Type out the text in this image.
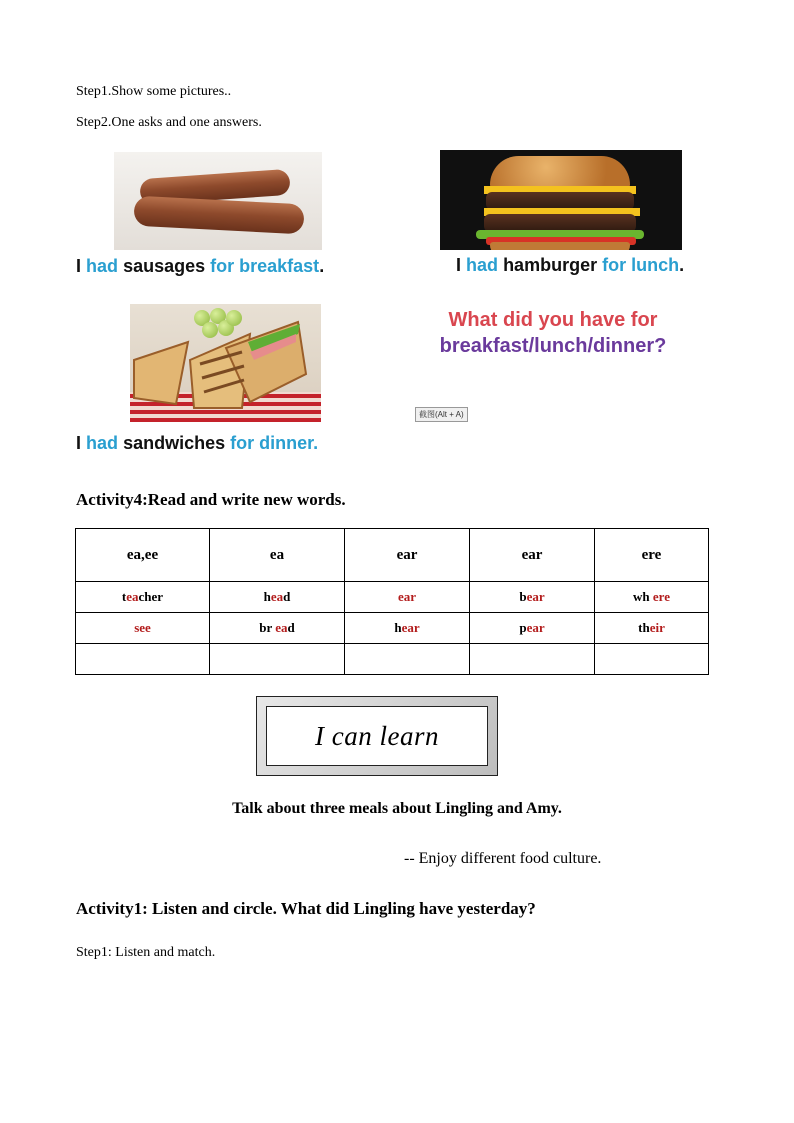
Step1.Show some pictures..
Step2.One asks and one answers.
I had sausages for breakfast.	I had hamburger for lunch.
I had sandwiches for dinner.
What did you have for
breakfast/lunch/dinner?
截图(Alt + A)
Activity4:Read and write new words.
ea,ee	ea	ear	ear	ere
teacher	head	ear	bear	wh ere
see	br ead	hear	pear	their

I can learn
Talk about three meals about Lingling and Amy.
-- Enjoy different food culture.
Activity1: Listen and circle. What did Lingling have yesterday?
Step1: Listen and match.
